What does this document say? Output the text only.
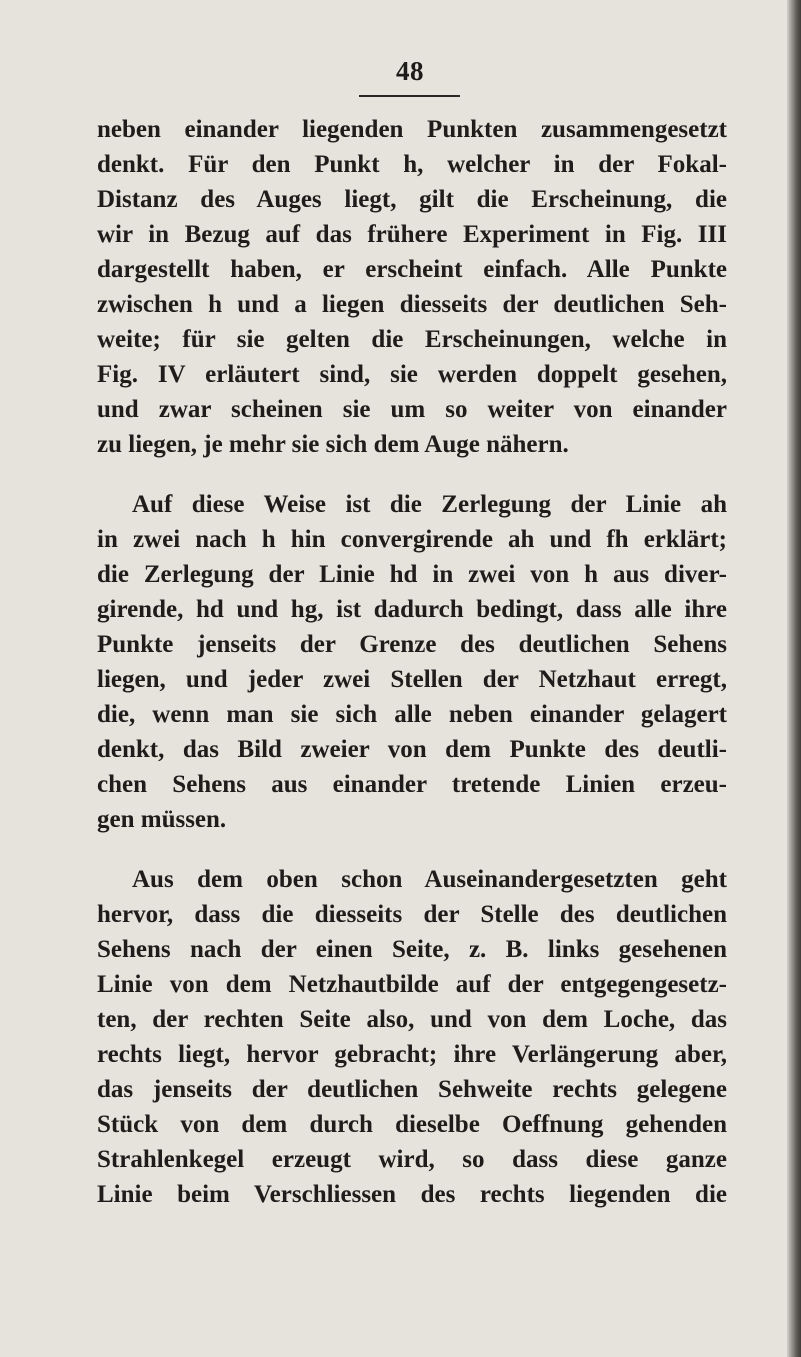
48
neben einander liegenden Punkten zusammengesetzt
denkt. Für den Punkt h, welcher in der Fokal-
Distanz des Auges liegt, gilt die Erscheinung, die
wir in Bezug auf das frühere Experiment in Fig. III
dargestellt haben, er erscheint einfach. Alle Punkte
zwischen h und a liegen diesseits der deutlichen Seh-
weite; für sie gelten die Erscheinungen, welche in
Fig. IV erläutert sind, sie werden doppelt gesehen,
und zwar scheinen sie um so weiter von einander
zu liegen, je mehr sie sich dem Auge nähern.
Auf diese Weise ist die Zerlegung der Linie ah
in zwei nach h hin convergirende ah und fh erklärt;
die Zerlegung der Linie hd in zwei von h aus diver-
girende, hd und hg, ist dadurch bedingt, dass alle ihre
Punkte jenseits der Grenze des deutlichen Sehens
liegen, und jeder zwei Stellen der Netzhaut erregt,
die, wenn man sie sich alle neben einander gelagert
denkt, das Bild zweier von dem Punkte des deutli-
chen Sehens aus einander tretende Linien erzeu-
gen müssen.
Aus dem oben schon Auseinandergesetzten geht
hervor, dass die diesseits der Stelle des deutlichen
Sehens nach der einen Seite, z. B. links gesehenen
Linie von dem Netzhautbilde auf der entgegengesetz-
ten, der rechten Seite also, und von dem Loche, das
rechts liegt, hervor gebracht; ihre Verlängerung aber,
das jenseits der deutlichen Sehweite rechts gelegene
Stück von dem durch dieselbe Oeffnung gehenden
Strahlenkegel erzeugt wird, so dass diese ganze
Linie beim Verschliessen des rechts liegenden die
